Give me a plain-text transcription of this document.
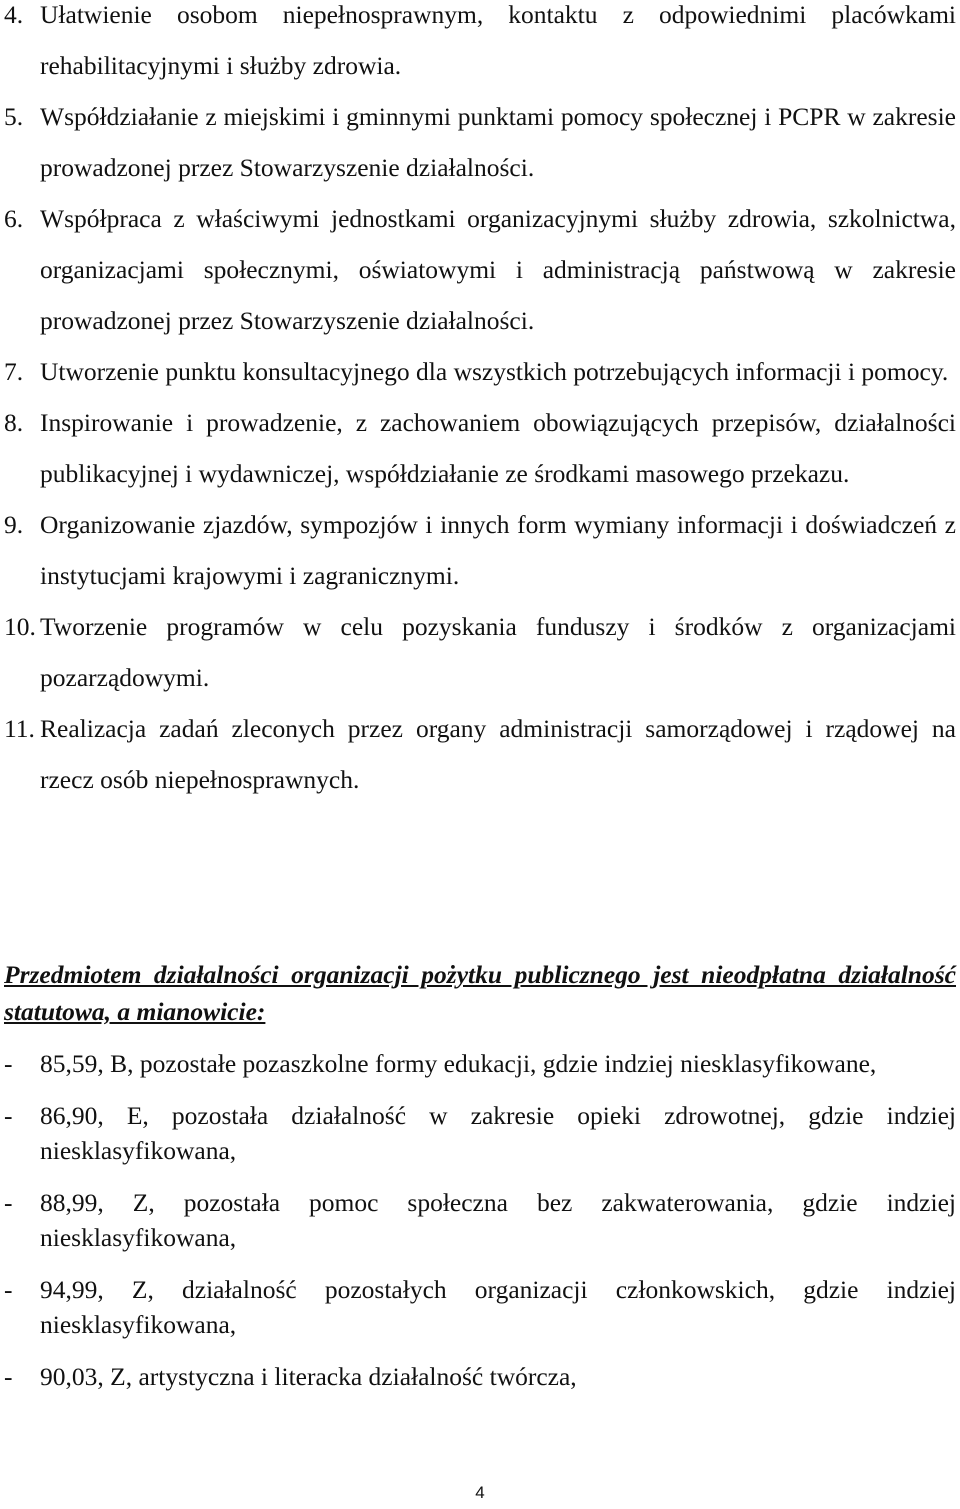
4. Ułatwienie osobom niepełnosprawnym, kontaktu z odpowiednimi placówkami rehabilitacyjnymi i służby zdrowia.
5. Współdziałanie z miejskimi i gminnymi punktami pomocy społecznej i PCPR w zakresie prowadzonej przez Stowarzyszenie działalności.
6. Współpraca z właściwymi jednostkami organizacyjnymi służby zdrowia, szkolnictwa, organizacjami społecznymi, oświatowymi i administracją państwową w zakresie prowadzonej przez Stowarzyszenie działalności.
7. Utworzenie punktu konsultacyjnego dla wszystkich potrzebujących informacji i pomocy.
8. Inspirowanie i prowadzenie, z zachowaniem obowiązujących przepisów, działalności publikacyjnej i wydawniczej, współdziałanie ze środkami masowego przekazu.
9. Organizowanie zjazdów, sympozjów i innych form wymiany informacji i doświadczeń z instytucjami krajowymi i zagranicznymi.
10. Tworzenie programów w celu pozyskania funduszy i środków z organizacjami pozarządowymi.
11. Realizacja zadań zleconych przez organy administracji samorządowej i rządowej na rzecz osób niepełnosprawnych.
Przedmiotem działalności organizacji pożytku publicznego jest nieodpłatna działalność statutowa, a mianowicie:
- 85,59, B, pozostałe pozaszkolne formy edukacji, gdzie indziej niesklasyfikowane,
- 86,90, E, pozostała działalność w zakresie opieki zdrowotnej, gdzie indziej niesklasyfikowana,
- 88,99, Z, pozostała pomoc społeczna bez zakwaterowania, gdzie indziej niesklasyfikowana,
- 94,99, Z, działalność pozostałych organizacji członkowskich, gdzie indziej niesklasyfikowana,
- 90,03, Z, artystyczna i literacka działalność twórcza,
4
